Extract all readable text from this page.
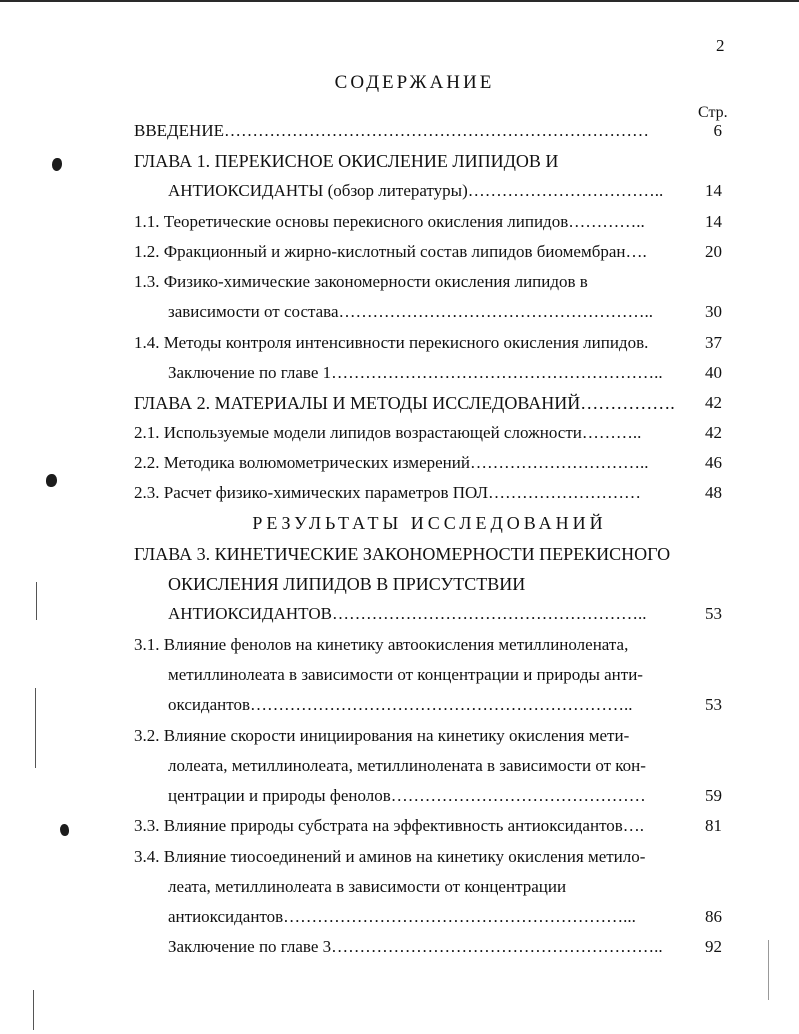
2
СОДЕРЖАНИЕ
Стр.
ВВЕДЕНИЕ…………………………………………………………………	6
ГЛАВА 1. ПЕРЕКИСНОЕ ОКИСЛЕНИЕ ЛИПИДОВ И
АНТИОКСИДАНТЫ (обзор литературы)……………………………..	14
1.1. Теоретические основы перекисного окисления липидов…………..	14
1.2. Фракционный и жирно-кислотный состав липидов биомембран….	20
1.3. Физико-химические закономерности окисления липидов в
зависимости от состава………………………………………………..	30
1.4. Методы контроля интенсивности перекисного окисления липидов.	37
Заключение по главе 1…………………………………………………..	40
ГЛАВА 2. МАТЕРИАЛЫ И МЕТОДЫ ИССЛЕДОВАНИЙ…………….	42
2.1. Используемые модели липидов возрастающей сложности………..	42
2.2. Методика волюмометрических измерений…………………………..	46
2.3. Расчет физико-химических параметров ПОЛ………………………	48
РЕЗУЛЬТАТЫ ИССЛЕДОВАНИЙ
ГЛАВА 3. КИНЕТИЧЕСКИЕ ЗАКОНОМЕРНОСТИ ПЕРЕКИСНОГО
ОКИСЛЕНИЯ ЛИПИДОВ В ПРИСУТСТВИИ
АНТИОКСИДАНТОВ………………………………………………..	53
3.1. Влияние фенолов на кинетику автоокисления метиллинолената,
метиллинолеата в зависимости от концентрации и природы анти-
оксидантов…………………………………………………………..	53
3.2. Влияние скорости инициирования на кинетику окисления мети-
лолеата, метиллинолеата, метиллинолената в зависимости от кон-
центрации и природы фенолов………………………………………	59
3.3. Влияние природы субстрата на эффективность антиоксидантов….	81
3.4. Влияние тиосоединений и аминов на кинетику окисления метило-
леата, метиллинолеата в зависимости от концентрации
антиоксидантов……………………………………………………...	86
Заключение по главе 3…………………………………………………..	92
